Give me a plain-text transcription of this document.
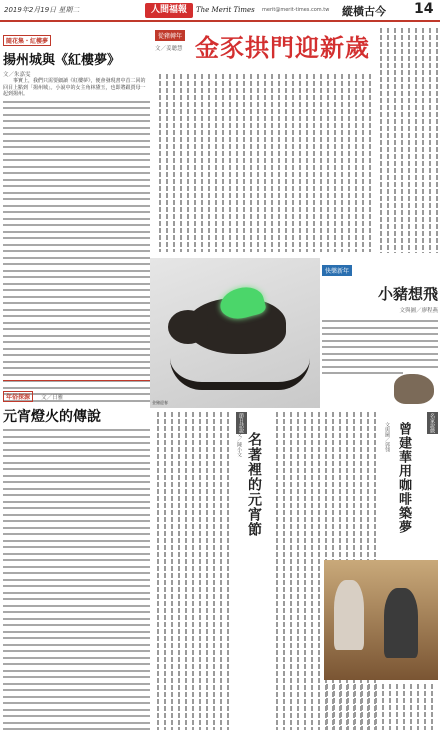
2019年2月19日 星期二	人間福報	The Merit Times merit@merit-times.com.tw 縱橫古今 14
隨花集・紅樓夢
揚州城與《紅樓夢》
文／朱嘉雯

事實上，我們只需要細讀《紅樓夢》，便會發現書中首二回的回目上點到「揚州城」。小說中的女主角林黛玉，也即將跟賈母一起到揚州。

年俗探源 文／日雅
元宵燈火的傳說
從豬轉年
文／姜聰慧 金豕拱門迎新歲
金豬迎春
快樂新年
小豬想飛
文與圖／廖程燕
節日話說
名著裡的元宵節
文／陳小文
名家說戲
曾建華用咖啡築夢
文與圖／郭翎
